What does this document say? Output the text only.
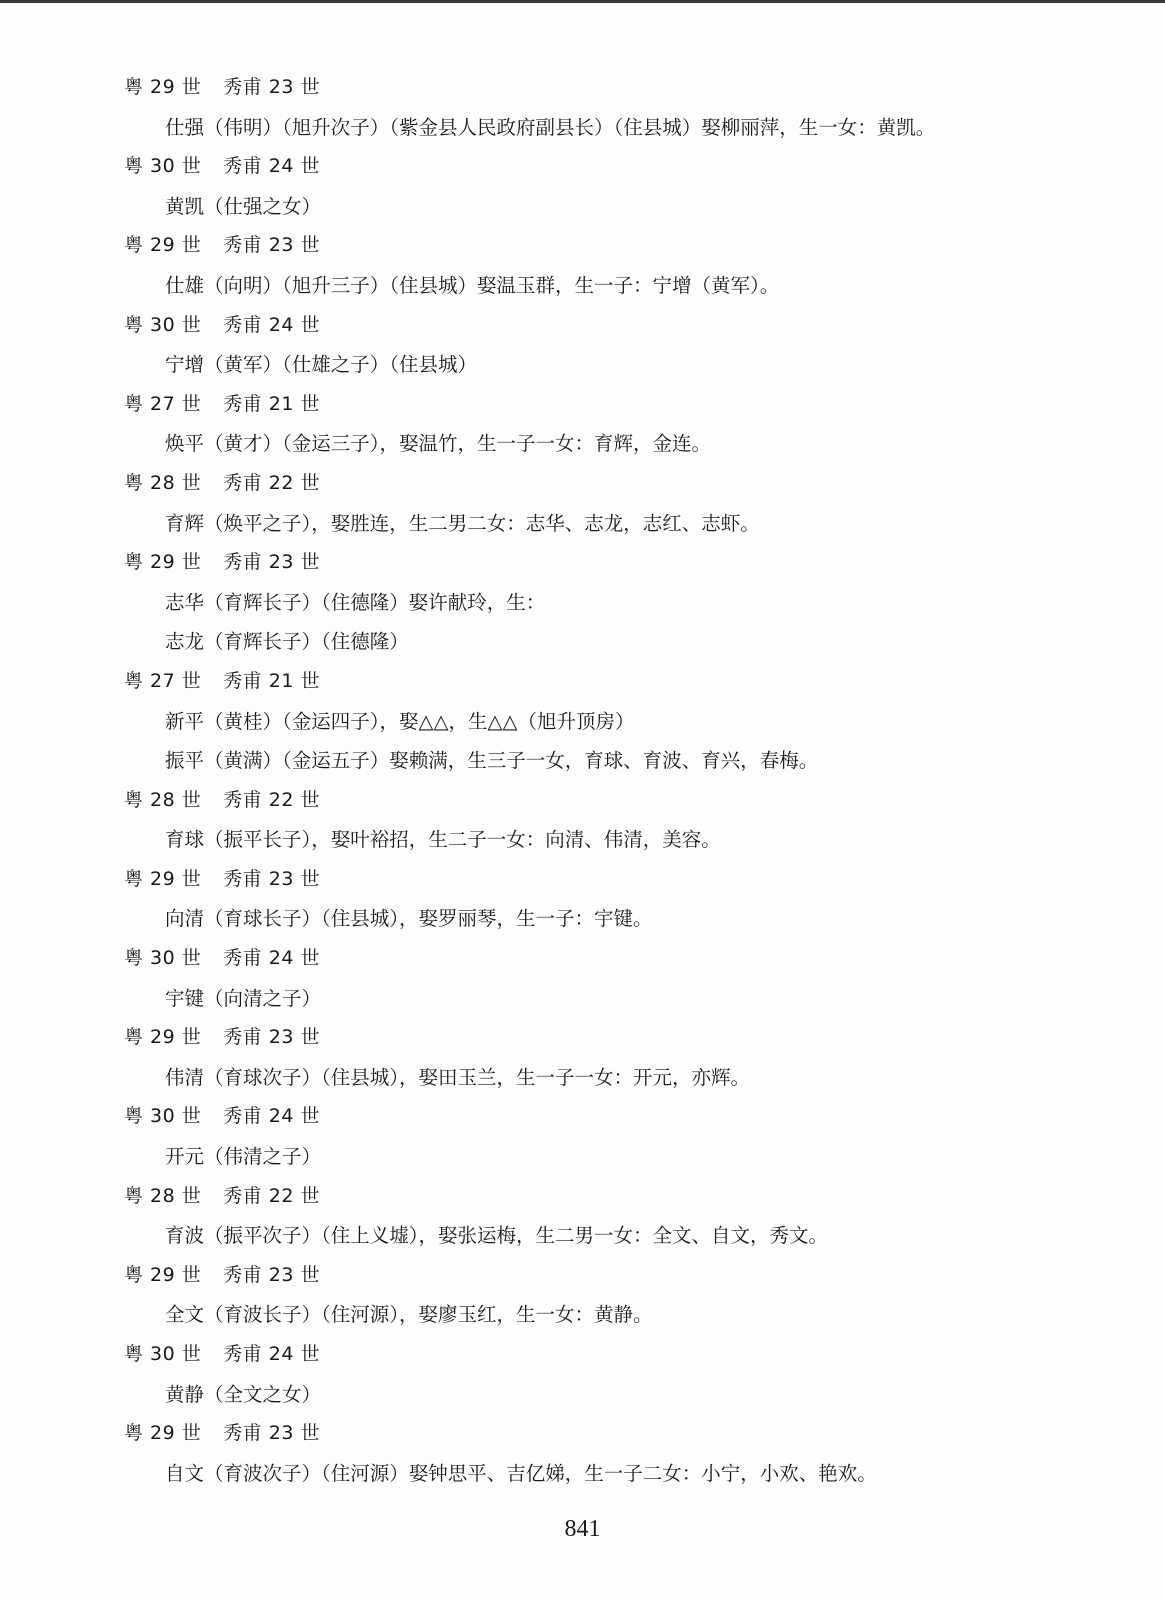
粤 29 世 秀甫 23 世
仕强（伟明）（旭升次子）（紫金县人民政府副县长）（住县城）娶柳丽萍，生一女：黄凯。
粤 30 世 秀甫 24 世
黄凯（仕强之女）
粤 29 世 秀甫 23 世
仕雄（向明）（旭升三子）（住县城）娶温玉群，生一子：宁增（黄军）。
粤 30 世 秀甫 24 世
宁增（黄军）（仕雄之子）（住县城）
粤 27 世 秀甫 21 世
焕平（黄才）（金运三子），娶温竹，生一子一女：育辉，金连。
粤 28 世 秀甫 22 世
育辉（焕平之子），娶胜连，生二男二女：志华、志龙，志红、志虾。
粤 29 世 秀甫 23 世
志华（育辉长子）（住德隆）娶许献玲，生：
志龙（育辉长子）（住德隆）
粤 27 世 秀甫 21 世
新平（黄桂）（金运四子），娶△△，生△△（旭升顶房）
振平（黄满）（金运五子）娶赖满，生三子一女，育球、育波、育兴，春梅。
粤 28 世 秀甫 22 世
育球（振平长子），娶叶裕招，生二子一女：向清、伟清，美容。
粤 29 世 秀甫 23 世
向清（育球长子）（住县城），娶罗丽琴，生一子：宇键。
粤 30 世 秀甫 24 世
宇键（向清之子）
粤 29 世 秀甫 23 世
伟清（育球次子）（住县城），娶田玉兰，生一子一女：开元，亦辉。
粤 30 世 秀甫 24 世
开元（伟清之子）
粤 28 世 秀甫 22 世
育波（振平次子）（住上义墟），娶张运梅，生二男一女：全文、自文，秀文。
粤 29 世 秀甫 23 世
全文（育波长子）（住河源），娶廖玉红，生一女：黄静。
粤 30 世 秀甫 24 世
黄静（全文之女）
粤 29 世 秀甫 23 世
自文（育波次子）（住河源）娶钟思平、吉亿娣，生一子二女：小宁，小欢、艳欢。
841
